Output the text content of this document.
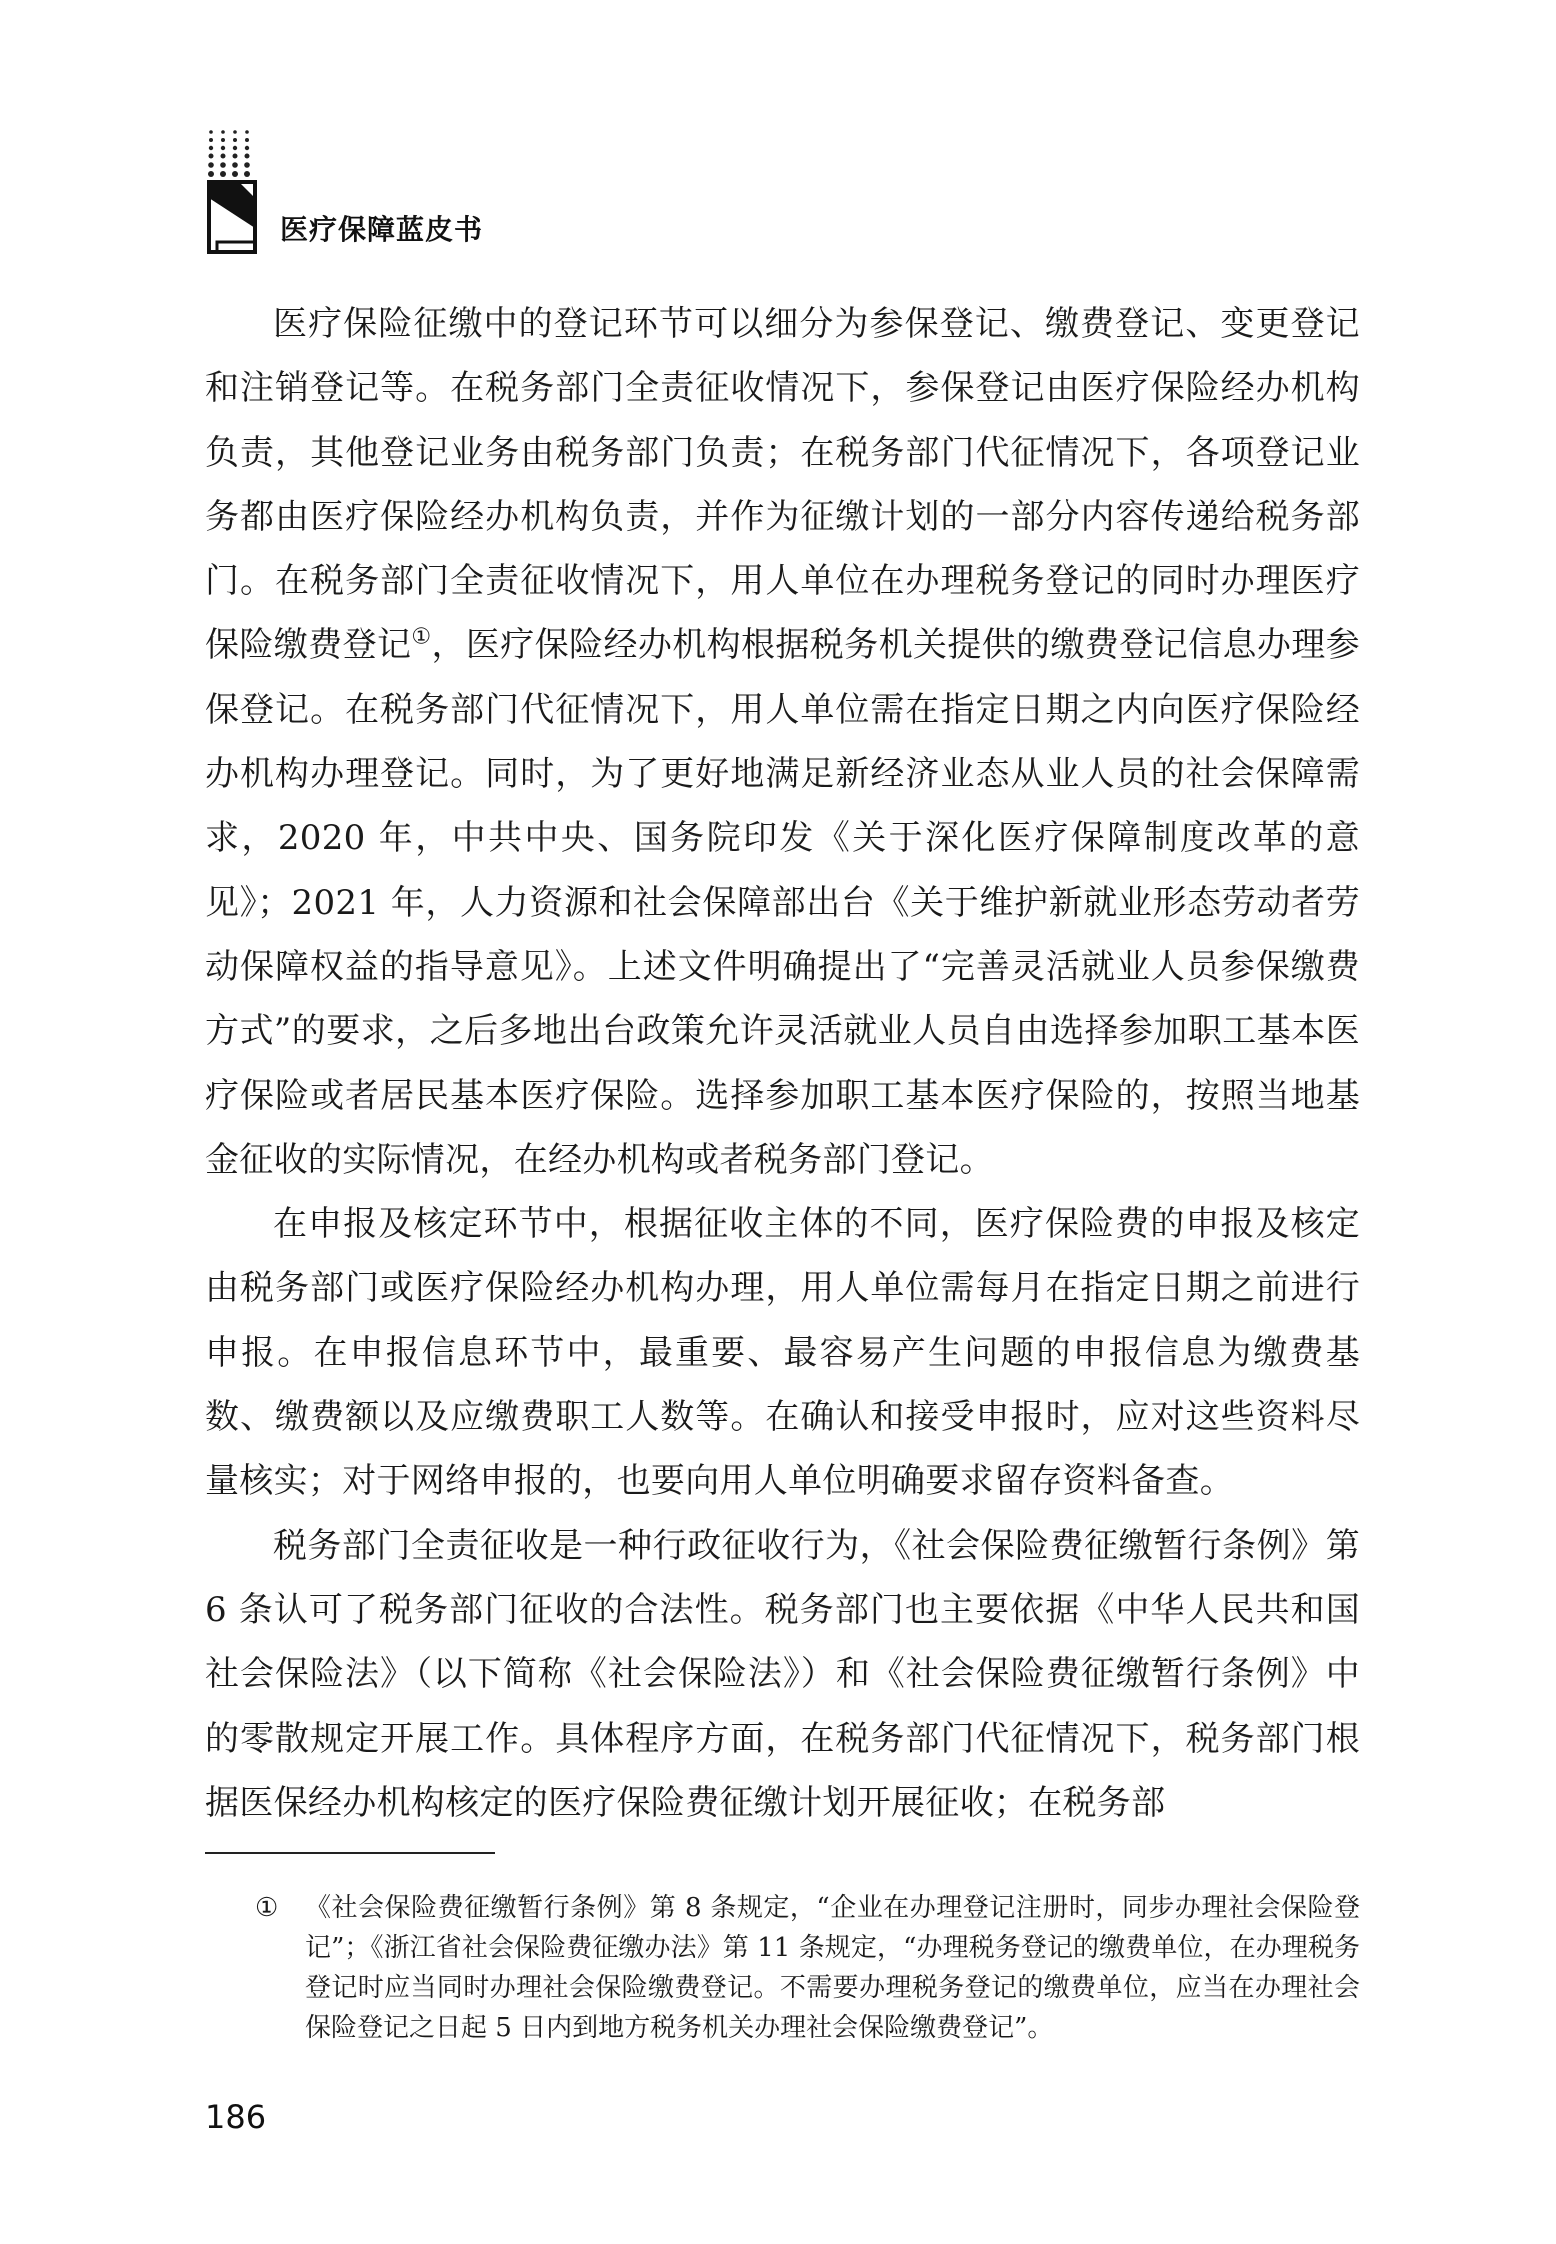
医疗保障蓝皮书

医疗保险征缴中的登记环节可以细分为参保登记、缴费登记、变更登记和注销登记等。在税务部门全责征收情况下，参保登记由医疗保险经办机构负责，其他登记业务由税务部门负责；在税务部门代征情况下，各项登记业务都由医疗保险经办机构负责，并作为征缴计划的一部分内容传递给税务部门。在税务部门全责征收情况下，用人单位在办理税务登记的同时办理医疗保险缴费登记①，医疗保险经办机构根据税务机关提供的缴费登记信息办理参保登记。在税务部门代征情况下，用人单位需在指定日期之内向医疗保险经办机构办理登记。同时，为了更好地满足新经济业态从业人员的社会保障需求，2020 年，中共中央、国务院印发《关于深化医疗保障制度改革的意见》；2021 年，人力资源和社会保障部出台《关于维护新就业形态劳动者劳动保障权益的指导意见》。上述文件明确提出了“完善灵活就业人员参保缴费方式”的要求，之后多地出台政策允许灵活就业人员自由选择参加职工基本医疗保险或者居民基本医疗保险。选择参加职工基本医疗保险的，按照当地基金征收的实际情况，在经办机构或者税务部门登记。

在申报及核定环节中，根据征收主体的不同，医疗保险费的申报及核定由税务部门或医疗保险经办机构办理，用人单位需每月在指定日期之前进行申报。在申报信息环节中，最重要、最容易产生问题的申报信息为缴费基数、缴费额以及应缴费职工人数等。在确认和接受申报时，应对这些资料尽量核实；对于网络申报的，也要向用人单位明确要求留存资料备查。

税务部门全责征收是一种行政征收行为，《社会保险费征缴暂行条例》第 6 条认可了税务部门征收的合法性。税务部门也主要依据《中华人民共和国社会保险法》（以下简称《社会保险法》）和《社会保险费征缴暂行条例》中的零散规定开展工作。具体程序方面，在税务部门代征情况下，税务部门根据医保经办机构核定的医疗保险费征缴计划开展征收；在税务部

① 《社会保险费征缴暂行条例》第 8 条规定，“企业在办理登记注册时，同步办理社会保险登记”；《浙江省社会保险费征缴办法》第 11 条规定，“办理税务登记的缴费单位，在办理税务登记时应当同时办理社会保险缴费登记。不需要办理税务登记的缴费单位，应当在办理社会保险登记之日起 5 日内到地方税务机关办理社会保险缴费登记”。
186
